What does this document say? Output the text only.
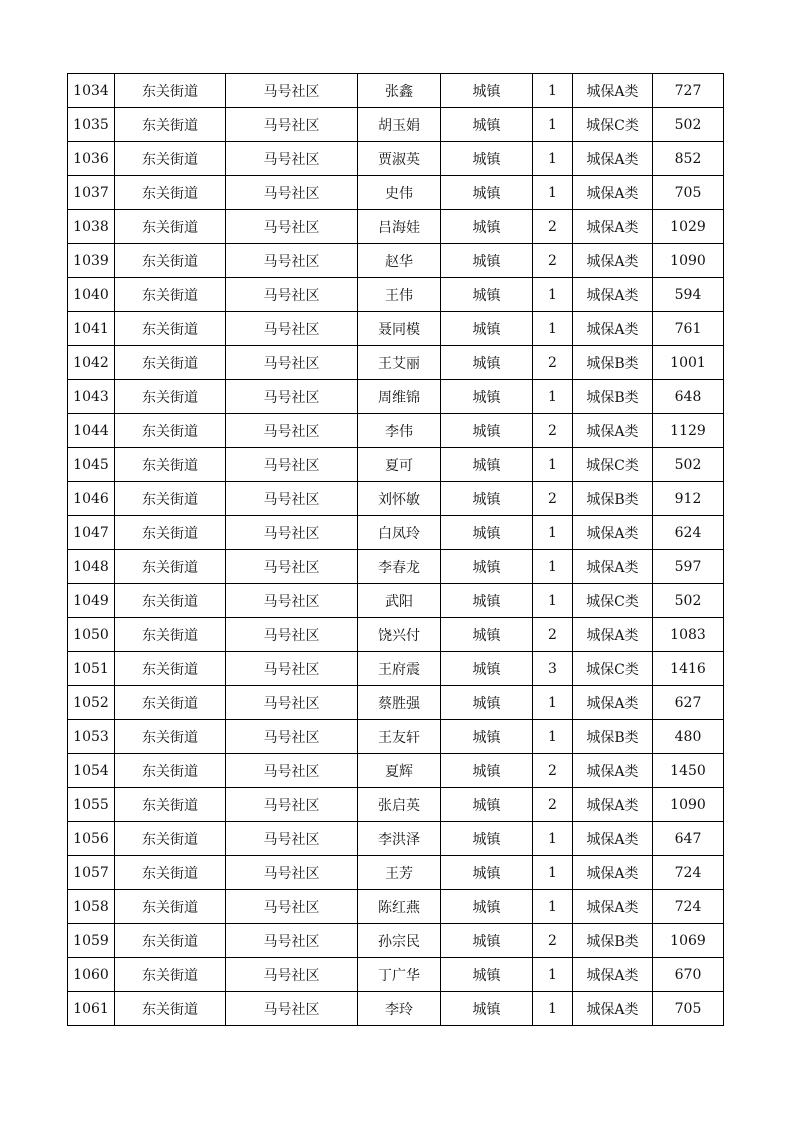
1034	东关街道	马号社区	张鑫	城镇	1	城保A类	727
1035	东关街道	马号社区	胡玉娟	城镇	1	城保C类	502
1036	东关街道	马号社区	贾淑英	城镇	1	城保A类	852
1037	东关街道	马号社区	史伟	城镇	1	城保A类	705
1038	东关街道	马号社区	吕海娃	城镇	2	城保A类	1029
1039	东关街道	马号社区	赵华	城镇	2	城保A类	1090
1040	东关街道	马号社区	王伟	城镇	1	城保A类	594
1041	东关街道	马号社区	聂同模	城镇	1	城保A类	761
1042	东关街道	马号社区	王艾丽	城镇	2	城保B类	1001
1043	东关街道	马号社区	周维锦	城镇	1	城保B类	648
1044	东关街道	马号社区	李伟	城镇	2	城保A类	1129
1045	东关街道	马号社区	夏可	城镇	1	城保C类	502
1046	东关街道	马号社区	刘怀敏	城镇	2	城保B类	912
1047	东关街道	马号社区	白凤玲	城镇	1	城保A类	624
1048	东关街道	马号社区	李春龙	城镇	1	城保A类	597
1049	东关街道	马号社区	武阳	城镇	1	城保C类	502
1050	东关街道	马号社区	饶兴付	城镇	2	城保A类	1083
1051	东关街道	马号社区	王府震	城镇	3	城保C类	1416
1052	东关街道	马号社区	蔡胜强	城镇	1	城保A类	627
1053	东关街道	马号社区	王友轩	城镇	1	城保B类	480
1054	东关街道	马号社区	夏辉	城镇	2	城保A类	1450
1055	东关街道	马号社区	张启英	城镇	2	城保A类	1090
1056	东关街道	马号社区	李洪泽	城镇	1	城保A类	647
1057	东关街道	马号社区	王芳	城镇	1	城保A类	724
1058	东关街道	马号社区	陈红燕	城镇	1	城保A类	724
1059	东关街道	马号社区	孙宗民	城镇	2	城保B类	1069
1060	东关街道	马号社区	丁广华	城镇	1	城保A类	670
1061	东关街道	马号社区	李玲	城镇	1	城保A类	705
